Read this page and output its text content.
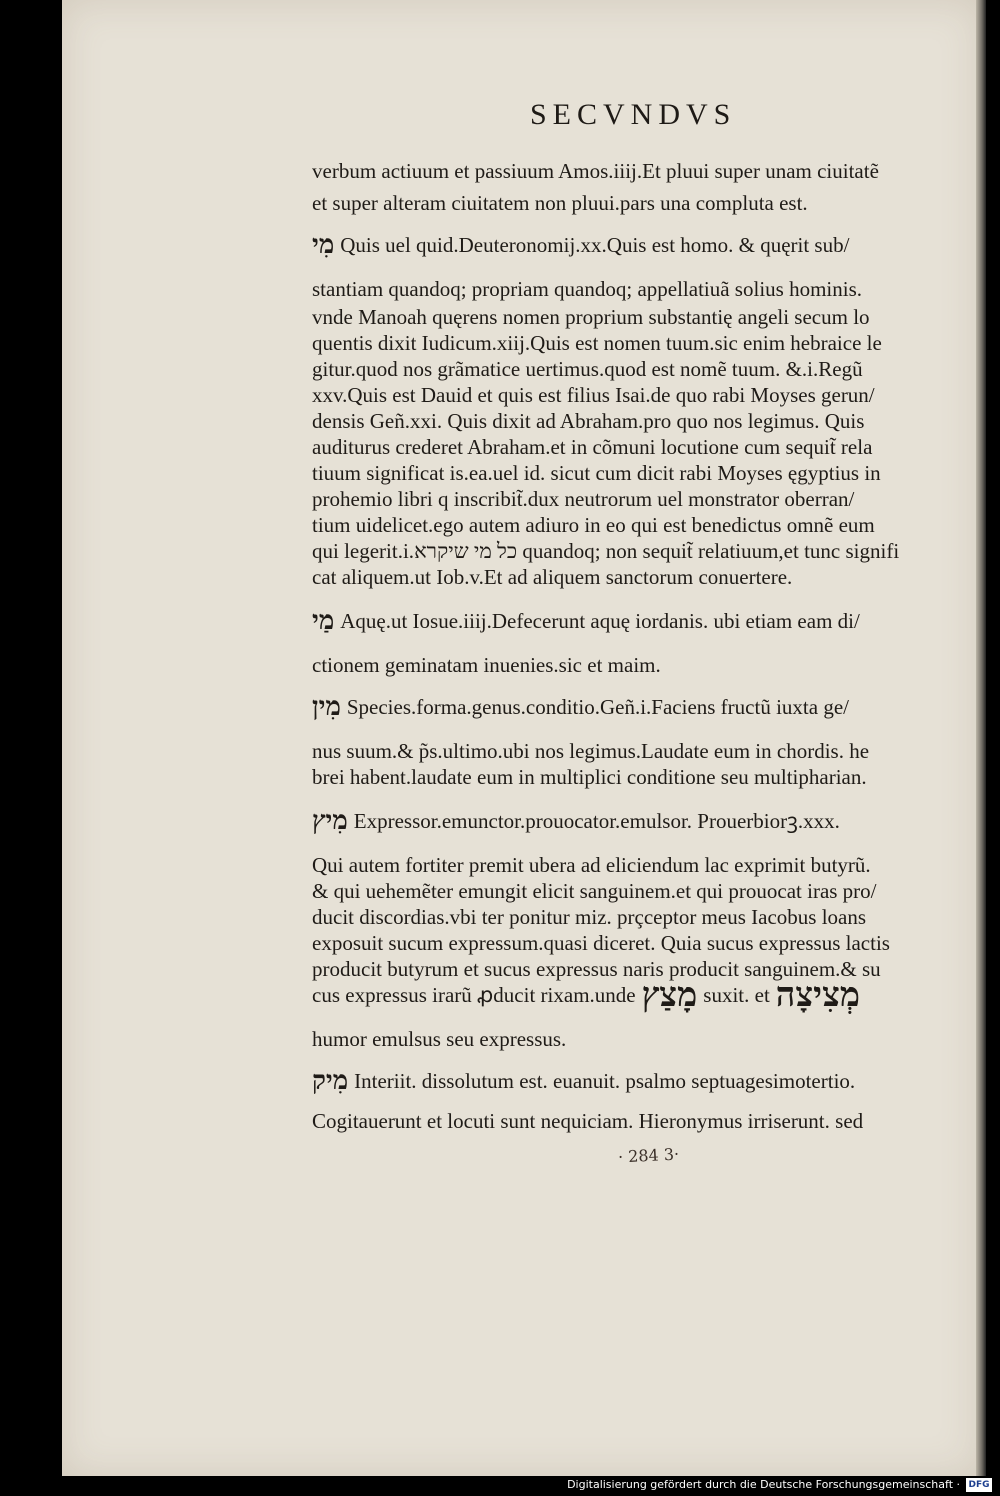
SECVNDVS
verbum actiuum et passiuum Amos.iiij.Et pluui super unam ciuitatẽ
et super alteram ciuitatem non pluui.pars una compluta est.
מִי Quis uel quid.Deuteronomij.xx.Quis est homo. & quęrit sub/
stantiam quandoq; propriam quandoq; appellatiuã solius hominis.
vnde Manoah quęrens nomen proprium substantię angeli secum lo
quentis dixit Iudicum.xiij.Quis est nomen tuum.sic enim hebraice le
gitur.quod nos grãmatice uertimus.quod est nomẽ tuum. &.i.Regũ
xxv.Quis est Dauid et quis est filius Isai.de quo rabi Moyses gerun/
densis Geñ.xxi. Quis dixit ad Abraham.pro quo nos legimus. Quis
auditurus crederet Abraham.et in cõmuni locutione cum sequit̃ rela
tiuum significat is.ea.uel id. sicut cum dicit rabi Moyses ęgyptius in
prohemio libri q inscribit̃.dux neutrorum uel monstrator oberran/
tium uidelicet.ego autem adiuro in eo qui est benedictus omnẽ eum
qui legerit.i.כל מי שיקרא quandoq; non sequit̃ relatiuum,et tunc signifi
cat aliquem.ut Iob.v.Et ad aliquem sanctorum conuertere.
מַי Aquę.ut Iosue.iiij.Defecerunt aquę iordanis. ubi etiam eam di/
ctionem geminatam inuenies.sic et maim.
מִין Species.forma.genus.conditio.Geñ.i.Faciens fructũ iuxta ge/
nus suum.& p̃s.ultimo.ubi nos legimus.Laudate eum in chordis. he
brei habent.laudate eum in multiplici conditione seu multipharian.
מִיץ Expressor.emunctor.prouocator.emulsor. Prouerbiorꝫ.xxx.
Qui autem fortiter premit ubera ad eliciendum lac exprimit butyrũ.
& qui uehemẽter emungit elicit sanguinem.et qui prouocat iras pro/
ducit discordias.vbi ter ponitur miz. prçceptor meus Iacobus loans
exposuit sucum expressum.quasi diceret. Quia sucus expressus lactis
producit butyrum et sucus expressus naris producit sanguinem.& su
cus expressus irarũ ꝓducit rixam.unde מָצַץ suxit. et מְצִיצָה
humor emulsus seu expressus.
מִיק Interiit. dissolutum est. euanuit. psalmo septuagesimotertio.
Cogitauerunt et locuti sunt nequiciam. Hieronymus irriserunt. sed
· 284 3·
Digitalisierung gefördert durch die Deutsche Forschungsgemeinschaft · DFG
